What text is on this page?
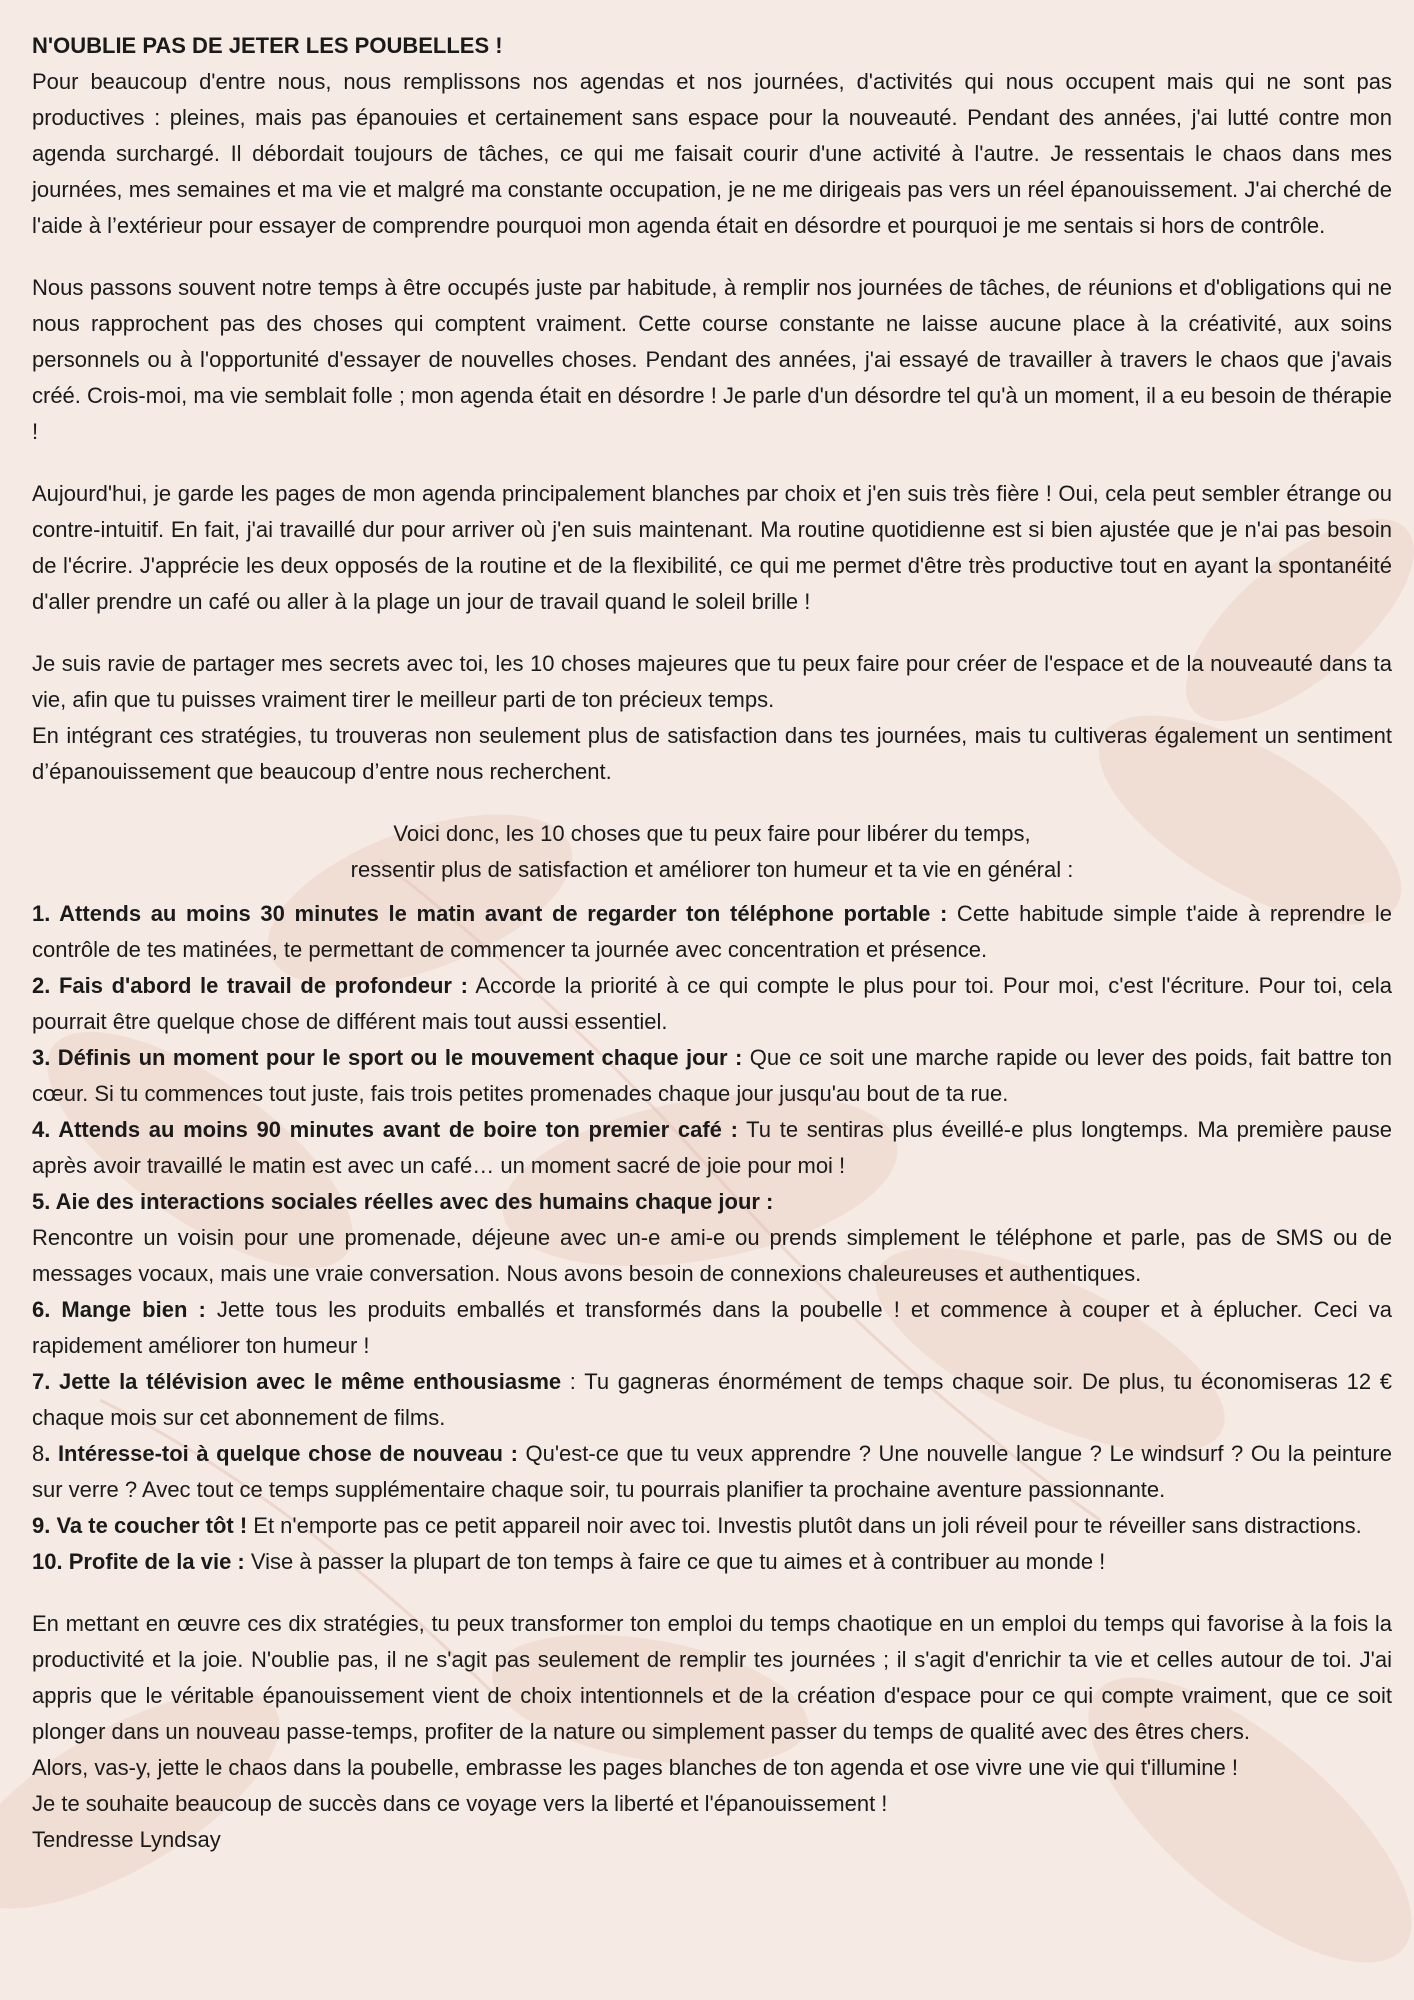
N'OUBLIE PAS DE JETER LES POUBELLES !

Pour beaucoup d'entre nous, nous remplissons nos agendas et nos journées, d'activités qui nous occupent mais qui ne sont pas productives : pleines, mais pas épanouies et certainement sans espace pour la nouveauté. Pendant des années, j'ai lutté contre mon agenda surchargé. Il débordait toujours de tâches, ce qui me faisait courir d'une activité à l'autre. Je ressentais le chaos dans mes journées, mes semaines et ma vie et malgré ma constante occupation, je ne me dirigeais pas vers un réel épanouissement. J'ai cherché de l'aide à l’extérieur pour essayer de comprendre pourquoi mon agenda était en désordre et pourquoi je me sentais si hors de contrôle.

Nous passons souvent notre temps à être occupés juste par habitude, à remplir nos journées de tâches, de réunions et d'obligations qui ne nous rapprochent pas des choses qui comptent vraiment. Cette course constante ne laisse aucune place à la créativité, aux soins personnels ou à l'opportunité d'essayer de nouvelles choses. Pendant des années, j'ai essayé de travailler à travers le chaos que j'avais créé. Crois-moi, ma vie semblait folle ; mon agenda était en désordre ! Je parle d'un désordre tel qu'à un moment, il a eu besoin de thérapie !

Aujourd'hui, je garde les pages de mon agenda principalement blanches par choix et j'en suis très fière ! Oui, cela peut sembler étrange ou contre-intuitif. En fait, j'ai travaillé dur pour arriver où j'en suis maintenant. Ma routine quotidienne est si bien ajustée que je n'ai pas besoin de l'écrire. J'apprécie les deux opposés de la routine et de la flexibilité, ce qui me permet d'être très productive tout en ayant la spontanéité d'aller prendre un café ou aller à la plage un jour de travail quand le soleil brille !

Je suis ravie de partager mes secrets avec toi, les 10 choses majeures que tu peux faire pour créer de l'espace et de la nouveauté dans ta vie, afin que tu puisses vraiment tirer le meilleur parti de ton précieux temps.

En intégrant ces stratégies, tu trouveras non seulement plus de satisfaction dans tes journées, mais tu cultiveras également un sentiment d’épanouissement que beaucoup d’entre nous recherchent.

Voici donc, les 10 choses que tu peux faire pour libérer du temps,
ressentir plus de satisfaction et améliorer ton humeur et ta vie en général :

1. Attends au moins 30 minutes le matin avant de regarder ton téléphone portable : Cette habitude simple t'aide à reprendre le contrôle de tes matinées, te permettant de commencer ta journée avec concentration et présence.

2. Fais d'abord le travail de profondeur : Accorde la priorité à ce qui compte le plus pour toi. Pour moi, c'est l'écriture. Pour toi, cela pourrait être quelque chose de différent mais tout aussi essentiel.

3. Définis un moment pour le sport ou le mouvement chaque jour : Que ce soit une marche rapide ou lever des poids, fait battre ton cœur. Si tu commences tout juste, fais trois petites promenades chaque jour jusqu'au bout de ta rue.

4. Attends au moins 90 minutes avant de boire ton premier café : Tu te sentiras plus éveillé-e plus longtemps. Ma première pause après avoir travaillé le matin est avec un café… un moment sacré de joie pour moi !

5. Aie des interactions sociales réelles avec des humains chaque jour :

Rencontre un voisin pour une promenade, déjeune avec un-e ami-e ou prends simplement le téléphone et parle, pas de SMS ou de messages vocaux, mais une vraie conversation. Nous avons besoin de connexions chaleureuses et authentiques.

6. Mange bien : Jette tous les produits emballés et transformés dans la poubelle ! et commence à couper et à éplucher. Ceci va rapidement améliorer ton humeur !

7. Jette la télévision avec le même enthousiasme : Tu gagneras énormément de temps chaque soir. De plus, tu économiseras 12 € chaque mois sur cet abonnement de films.

8. Intéresse-toi à quelque chose de nouveau : Qu'est-ce que tu veux apprendre ? Une nouvelle langue ? Le windsurf ? Ou la peinture sur verre ? Avec tout ce temps supplémentaire chaque soir, tu pourrais planifier ta prochaine aventure passionnante.

9. Va te coucher tôt ! Et n'emporte pas ce petit appareil noir avec toi. Investis plutôt dans un joli réveil pour te réveiller sans distractions.

10. Profite de la vie : Vise à passer la plupart de ton temps à faire ce que tu aimes et à contribuer au monde !

En mettant en œuvre ces dix stratégies, tu peux transformer ton emploi du temps chaotique en un emploi du temps qui favorise à la fois la productivité et la joie. N'oublie pas, il ne s'agit pas seulement de remplir tes journées ; il s'agit d'enrichir ta vie et celles autour de toi. J'ai appris que le véritable épanouissement vient de choix intentionnels et de la création d'espace pour ce qui compte vraiment, que ce soit plonger dans un nouveau passe-temps, profiter de la nature ou simplement passer du temps de qualité avec des êtres chers.

Alors, vas-y, jette le chaos dans la poubelle, embrasse les pages blanches de ton agenda et ose vivre une vie qui t'illumine !

Je te souhaite beaucoup de succès dans ce voyage vers la liberté et l'épanouissement !

Tendresse Lyndsay
